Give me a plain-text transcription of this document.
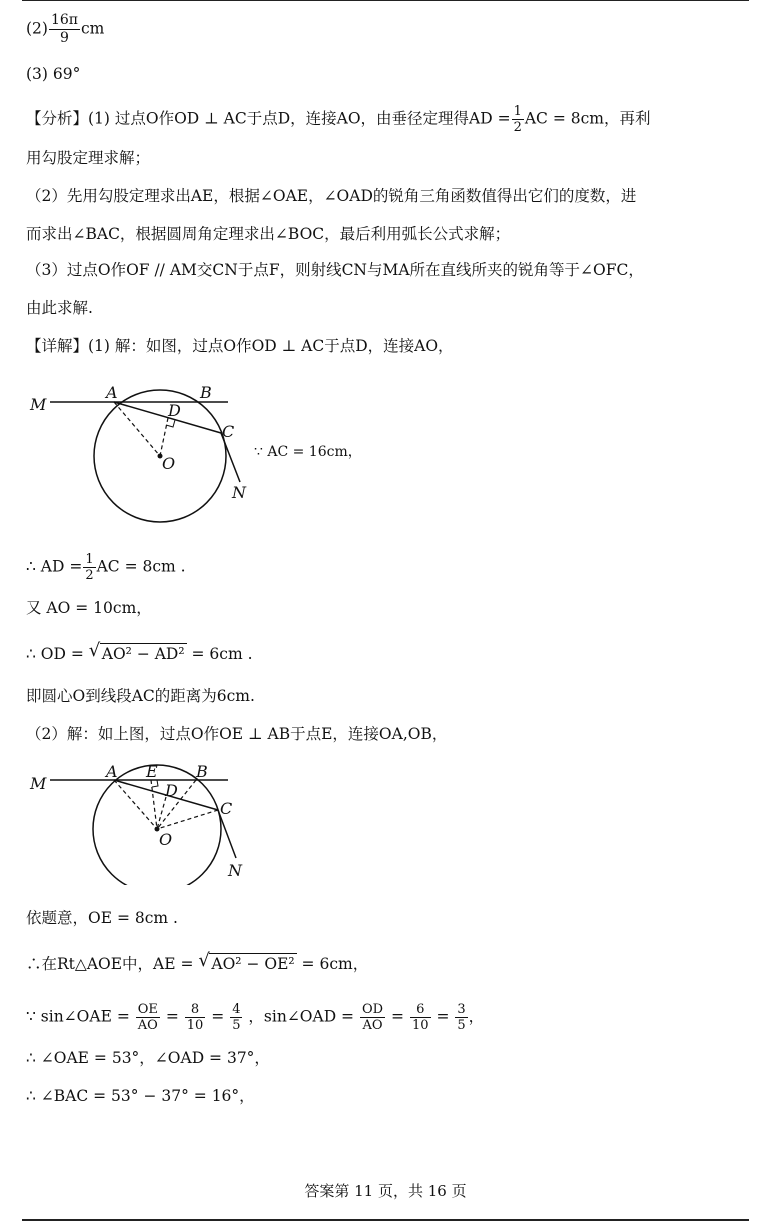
$(2) \frac{16\pi}{9}$ cm
(3) 69°
【分析】(1) 过点O作OD ⊥ AC于点D，连接AO，由垂径定理得AD = $\frac{1}{2}$ AC = 8cm，再利
用勾股定理求解；
（2）先用勾股定理求出AE，根据∠OAE，∠OAD的锐角三角函数值得出它们的度数，进
而求出∠BAC，根据圆周角定理求出∠BOC，最后利用弧长公式求解；
（3）过点O作OF // AM交CN于点F，则射线CN与MA所在直线所夹的锐角等于∠OFC，
由此求解.
【详解】(1) 解：如图，过点O作OD ⊥ AC于点D，连接AO，
M
A	B
D
C
O
N
∵ AC = 16cm，
∴ AD = $\frac{1}{2}$ AC = 8cm .
又 AO = 10cm，
∴ OD = √ AO² − AD² = 6cm .
即圆心O到线段AC的距离为6cm.
（2）解：如上图，过点O作OE ⊥ AB于点E，连接OA,OB，
M
A E B
D
C
O
N
依题意，OE = 8cm .
∴在Rt△AOE中，AE = √ AO² − OE² = 6cm，
∵ sin∠OAE = $\frac{OE}{AO} = \frac{8}{10} = \frac{4}{5}$ ，sin∠OAD = $\frac{OD}{AO} = \frac{6}{10} = \frac{3}{5}$ ，
∴ ∠OAE = 53°，∠OAD = 37°，
∴ ∠BAC = 53° − 37° = 16°，
答案第 11 页，共 16 页
